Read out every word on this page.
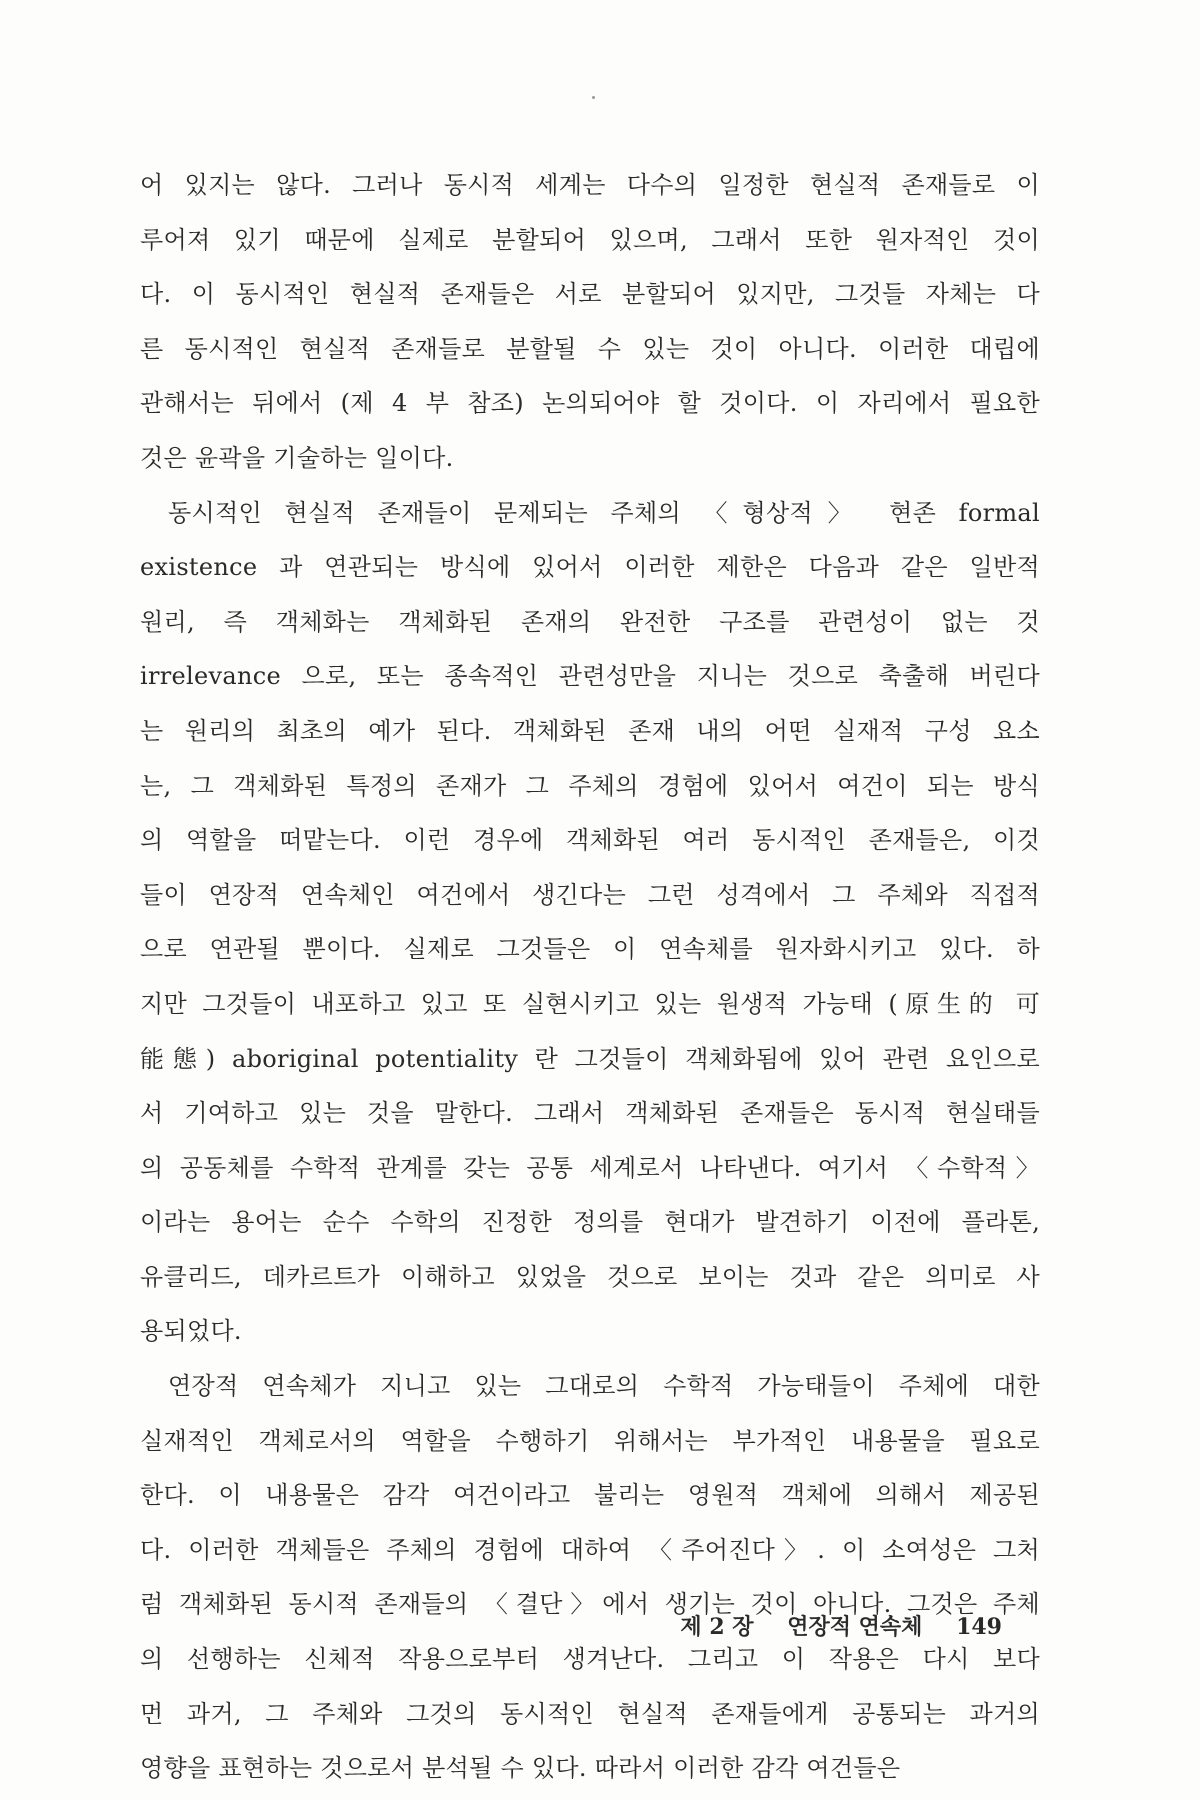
어 있지는 않다. 그러나 동시적 세계는 다수의 일정한 현실적 존재들로 이
루어져 있기 때문에 실제로 분할되어 있으며, 그래서 또한 원자적인 것이
다. 이 동시적인 현실적 존재들은 서로 분할되어 있지만, 그것들 자체는 다
른 동시적인 현실적 존재들로 분할될 수 있는 것이 아니다. 이러한 대립에
관해서는 뒤에서 (제 4 부 참조) 논의되어야 할 것이다. 이 자리에서 필요한
것은 윤곽을 기술하는 일이다.
동시적인 현실적 존재들이 문제되는 주체의 〈형상적〉 현존 formal
existence 과 연관되는 방식에 있어서 이러한 제한은 다음과 같은 일반적
원리, 즉 객체화는 객체화된 존재의 완전한 구조를 관련성이 없는 것
irrelevance 으로, 또는 종속적인 관련성만을 지니는 것으로 축출해 버린다
는 원리의 최초의 예가 된다. 객체화된 존재 내의 어떤 실재적 구성 요소
는, 그 객체화된 특정의 존재가 그 주체의 경험에 있어서 여건이 되는 방식
의 역할을 떠맡는다. 이런 경우에 객체화된 여러 동시적인 존재들은, 이것
들이 연장적 연속체인 여건에서 생긴다는 그런 성격에서 그 주체와 직접적
으로 연관될 뿐이다. 실제로 그것들은 이 연속체를 원자화시키고 있다. 하
지만 그것들이 내포하고 있고 또 실현시키고 있는 원생적 가능태 (原生的 可
能態) aboriginal potentiality 란 그것들이 객체화됨에 있어 관련 요인으로
서 기여하고 있는 것을 말한다. 그래서 객체화된 존재들은 동시적 현실태들
의 공동체를 수학적 관계를 갖는 공통 세계로서 나타낸다. 여기서 〈수학적〉
이라는 용어는 순수 수학의 진정한 정의를 현대가 발견하기 이전에 플라톤,
유클리드, 데카르트가 이해하고 있었을 것으로 보이는 것과 같은 의미로 사
용되었다.
연장적 연속체가 지니고 있는 그대로의 수학적 가능태들이 주체에 대한
실재적인 객체로서의 역할을 수행하기 위해서는 부가적인 내용물을 필요로
한다. 이 내용물은 감각 여건이라고 불리는 영원적 객체에 의해서 제공된
다. 이러한 객체들은 주체의 경험에 대하여 〈주어진다〉. 이 소여성은 그처
럼 객체화된 동시적 존재들의 〈결단〉에서 생기는 것이 아니다. 그것은 주체
의 선행하는 신체적 작용으로부터 생겨난다. 그리고 이 작용은 다시 보다
먼 과거, 그 주체와 그것의 동시적인 현실적 존재들에게 공통되는 과거의
영향을 표현하는 것으로서 분석될 수 있다. 따라서 이러한 감각 여건들은
제 2 장 연장적 연속체 149
